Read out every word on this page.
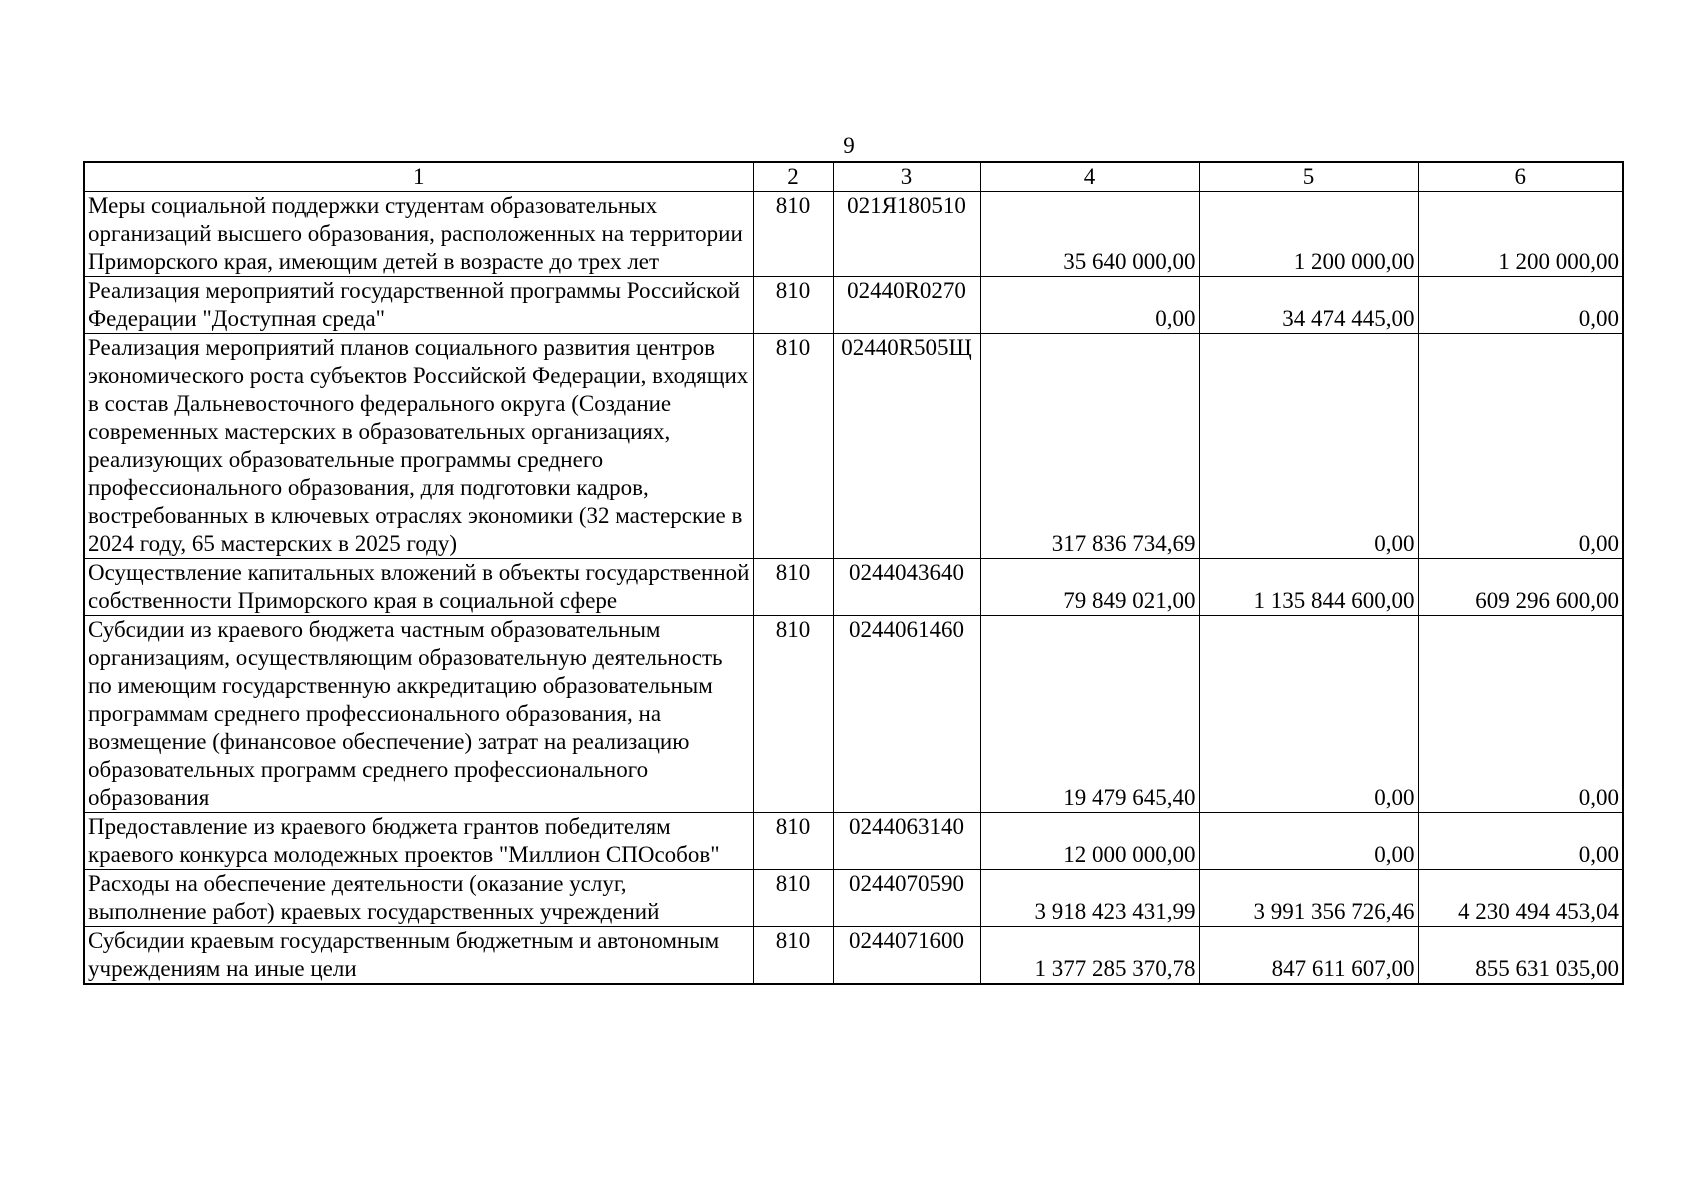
9
1	2	3	4	5	6
Меры социальной поддержки студентам образовательных организаций высшего образования, расположенных на территории Приморского края, имеющим детей в возрасте до трех лет	810	021Я180510	35 640 000,00	1 200 000,00	1 200 000,00
Реализация мероприятий государственной программы Российской Федерации "Доступная среда"	810	02440R0270	0,00	34 474 445,00	0,00
Реализация мероприятий планов социального развития центров экономического роста субъектов Российской Федерации, входящих в состав Дальневосточного федерального округа (Создание современных мастерских в образовательных организациях, реализующих образовательные программы среднего профессионального образования, для подготовки кадров, востребованных в ключевых отраслях экономики (32 мастерские в 2024 году, 65 мастерских в 2025 году)	810	02440R505Щ	317 836 734,69	0,00	0,00
Осуществление капитальных вложений в объекты государственной собственности Приморского края в социальной сфере	810	0244043640	79 849 021,00	1 135 844 600,00	609 296 600,00
Субсидии из краевого бюджета частным образовательным организациям, осуществляющим образовательную деятельность по имеющим государственную аккредитацию образовательным программам среднего профессионального образования, на возмещение (финансовое обеспечение) затрат на реализацию образовательных программ среднего профессионального образования	810	0244061460	19 479 645,40	0,00	0,00
Предоставление из краевого бюджета грантов победителям краевого конкурса молодежных проектов "Миллион СПОсобов"	810	0244063140	12 000 000,00	0,00	0,00
Расходы на обеспечение деятельности (оказание услуг, выполнение работ) краевых государственных учреждений	810	0244070590	3 918 423 431,99	3 991 356 726,46	4 230 494 453,04
Субсидии краевым государственным бюджетным и автономным учреждениям на иные цели	810	0244071600	1 377 285 370,78	847 611 607,00	855 631 035,00
